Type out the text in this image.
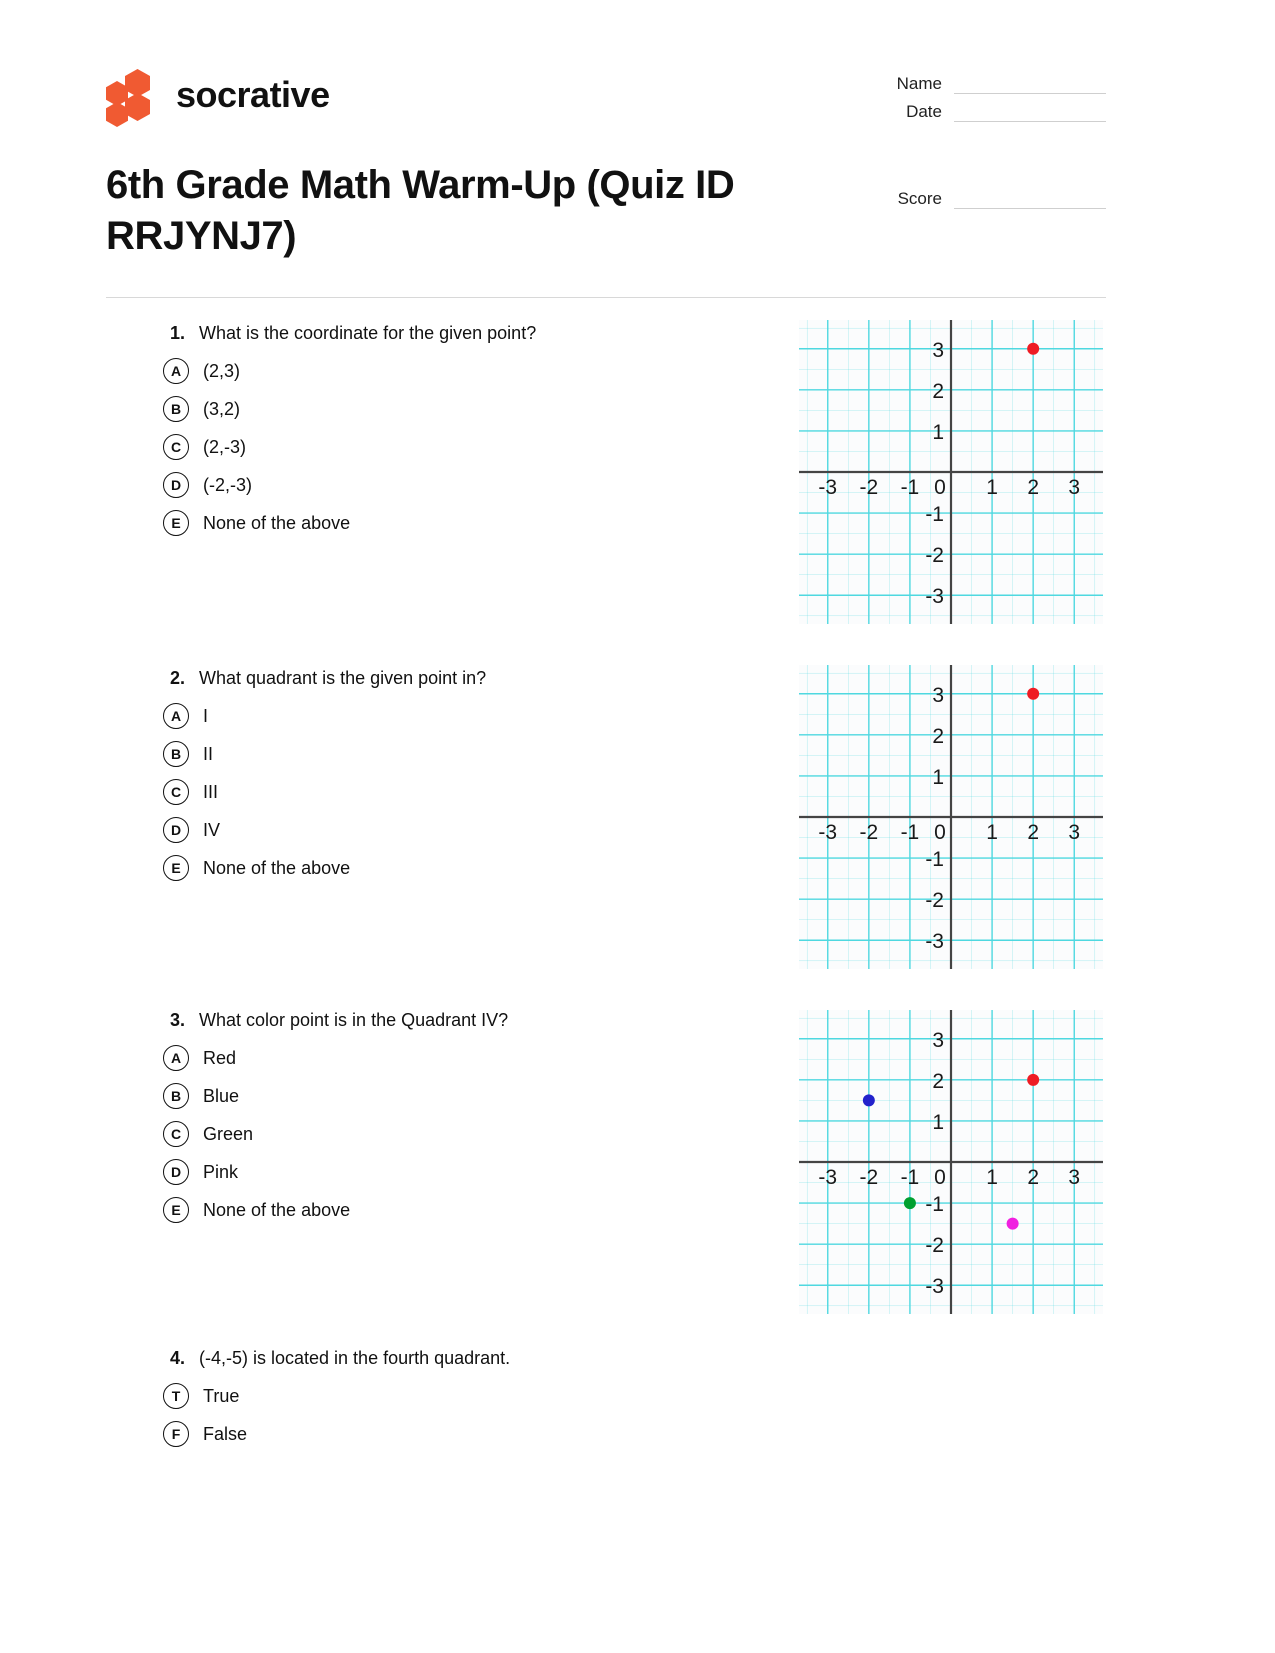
socrative	Name
Date
Score
6th Grade Math Warm-Up (Quiz ID RRJYNJ7)
1. What is the coordinate for the given point?
A	(2,3)
B	(3,2)
C	(2,-3)
D	(-2,-3)
E	None of the above
2. What quadrant is the given point in?
A	I
B	II
C	III
D	IV
E	None of the above
3. What color point is in the Quadrant IV?
A	Red
B	Blue
C	Green
D	Pink
E	None of the above
4. (-4,-5) is located in the fourth quadrant.
T	True
F	False
-3 -2 -1 0 1 2 3
3
2
1
-1
-2
-3
-3 -2 -1 0 1 2 3
3
2
1
-1
-2
-3
-3 -2 -1 0 1 2 3
3
2
1
-1
-2
-3
